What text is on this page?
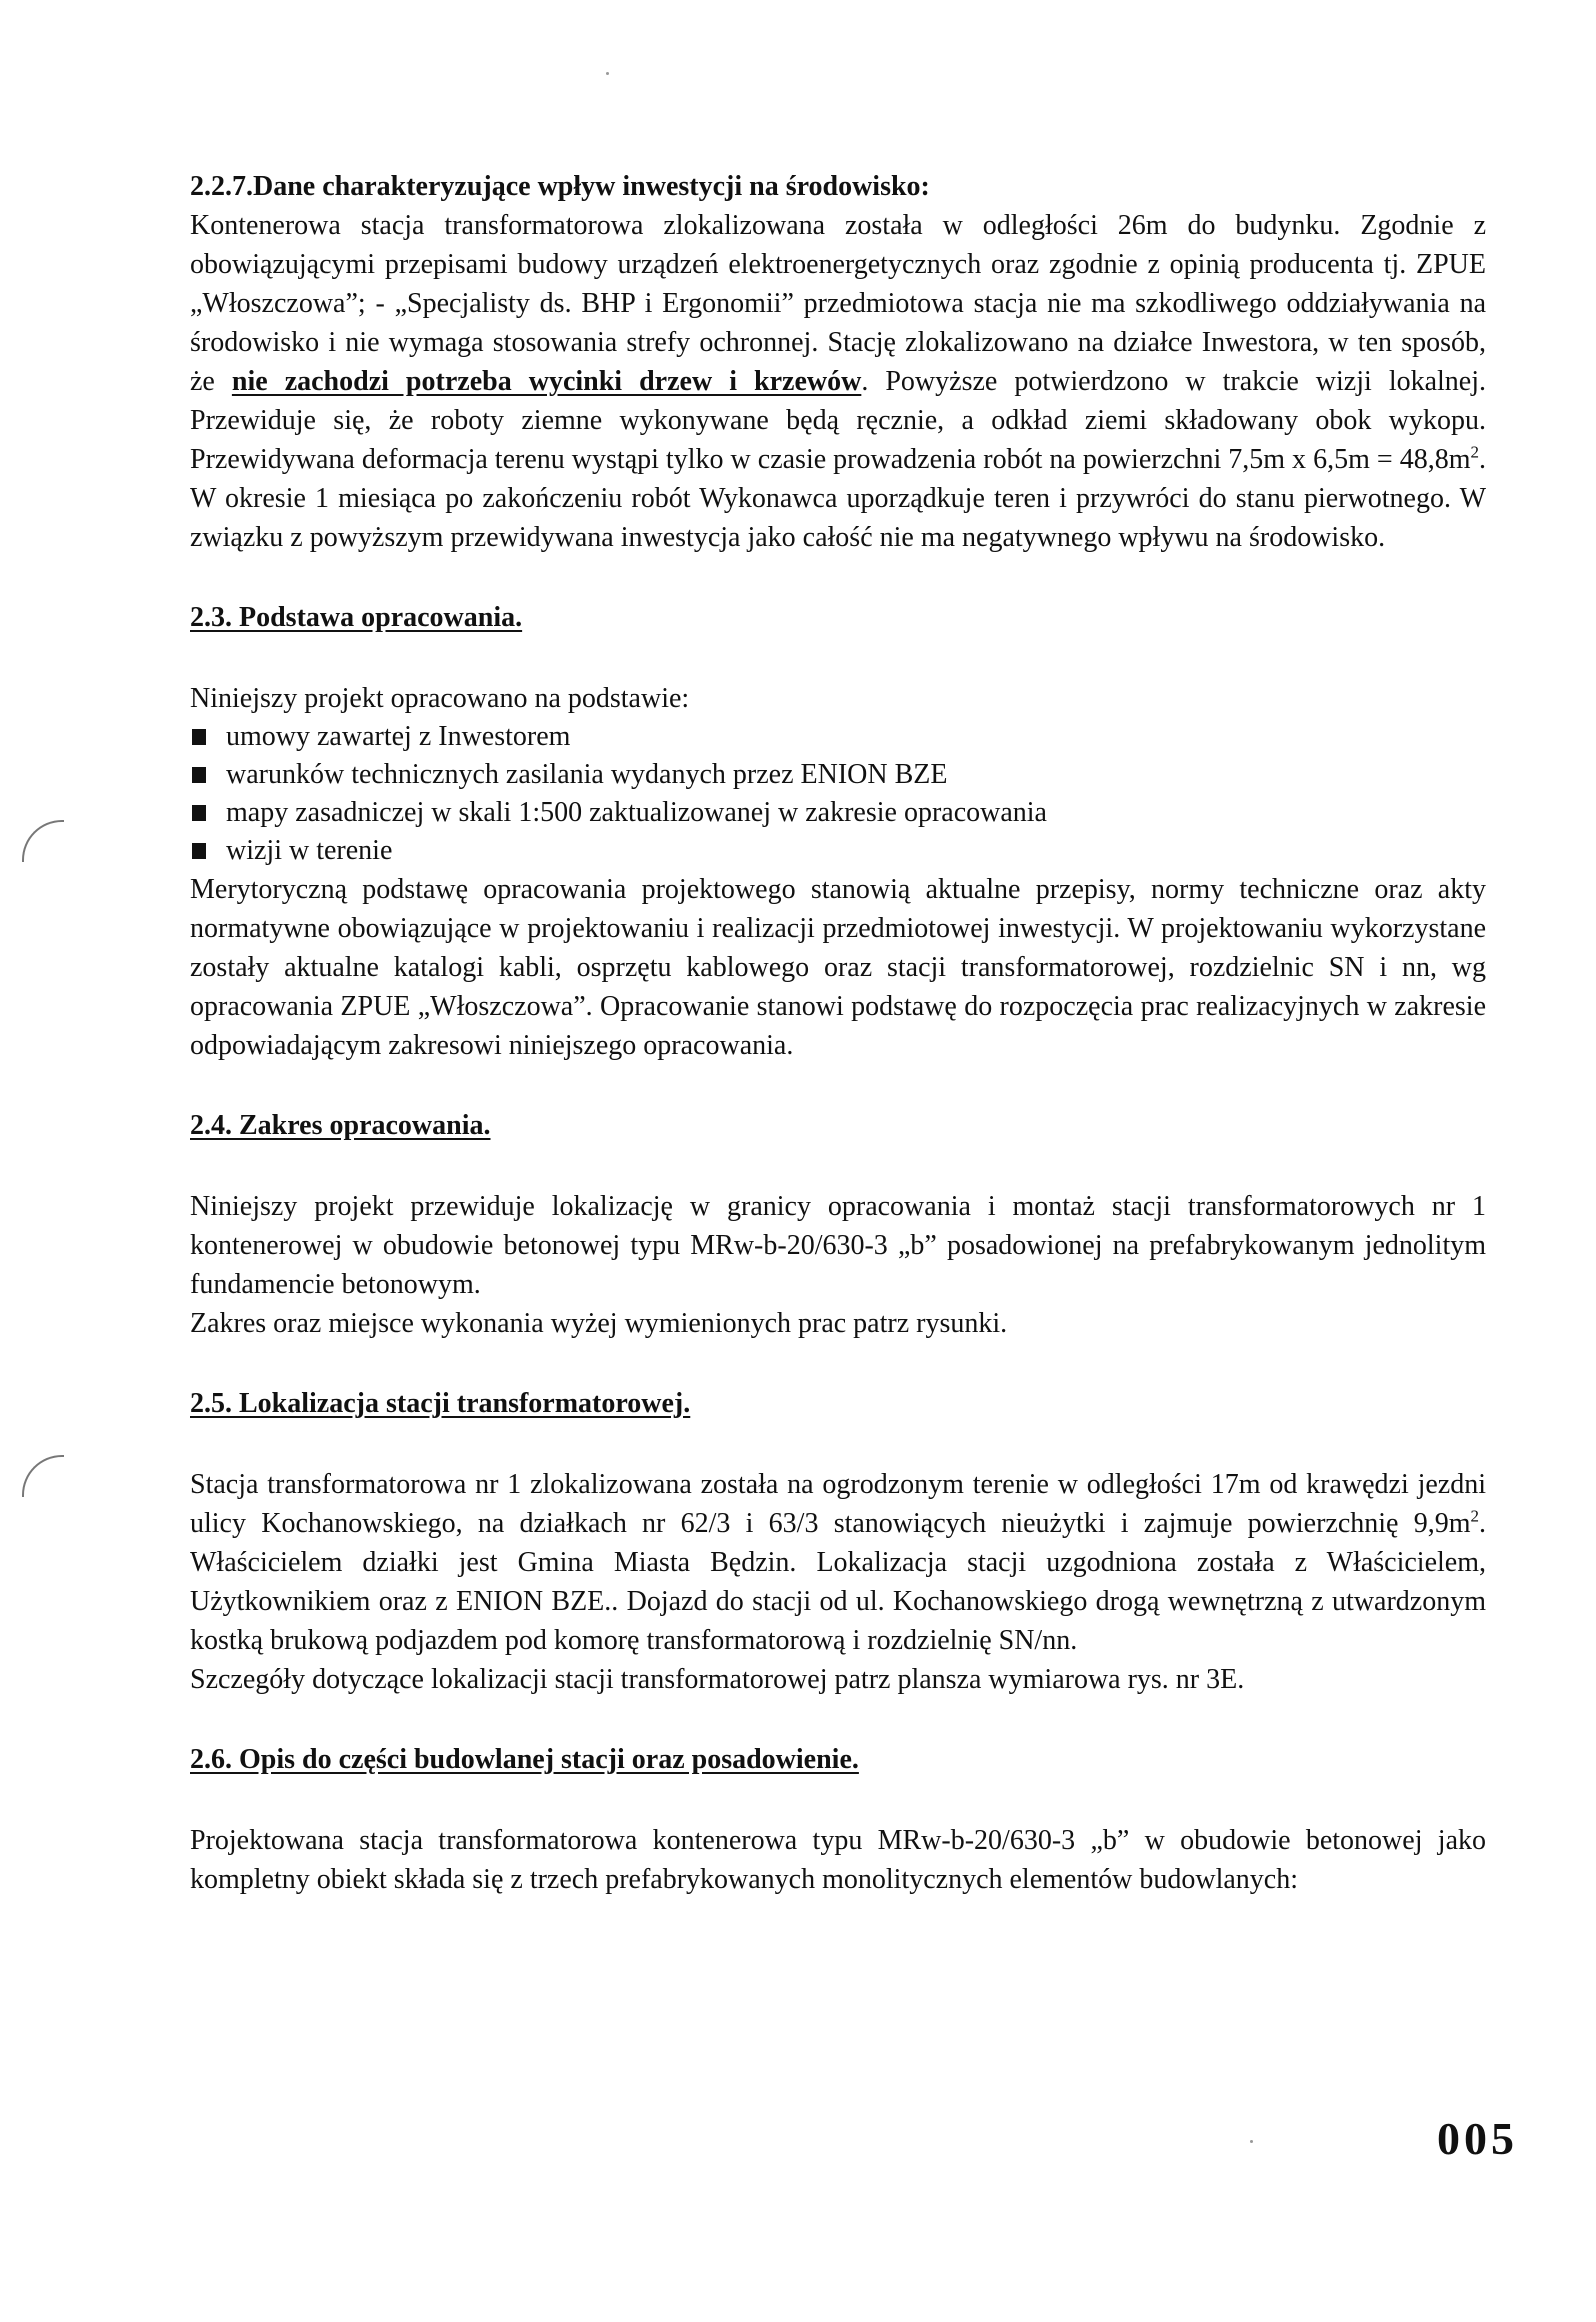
2.2.7.Dane charakteryzujące wpływ inwestycji na środowisko:

Kontenerowa stacja transformatorowa zlokalizowana została w odległości 26m do budynku. Zgodnie z obowiązującymi przepisami budowy urządzeń elektroenergetycznych oraz zgodnie z opinią producenta tj. ZPUE „Włoszczowa”; - „Specjalisty ds. BHP i Ergonomii” przedmiotowa stacja nie ma szkodliwego oddziaływania na środowisko i nie wymaga stosowania strefy ochronnej. Stację zlokalizowano na działce Inwestora, w ten sposób, że nie zachodzi potrzeba wycinki drzew i krzewów. Powyższe potwierdzono w trakcie wizji lokalnej. Przewiduje się, że roboty ziemne wykonywane będą ręcznie, a odkład ziemi składowany obok wykopu. Przewidywana deformacja terenu wystąpi tylko w czasie prowadzenia robót na powierzchni 7,5m x $6,5m = 48,8m^2$. W okresie 1 miesiąca po zakończeniu robót Wykonawca uporządkuje teren i przywróci do stanu pierwotnego. W związku z powyższym przewidywana inwestycja jako całość nie ma negatywnego wpływu na środowisko.

2.3. Podstawa opracowania.

Niniejszy projekt opracowano na podstawie:

umowy zawartej z Inwestorem
warunków technicznych zasilania wydanych przez ENION BZE
mapy zasadniczej w skali 1:500 zaktualizowanej w zakresie opracowania
wizji w terenie

Merytoryczną podstawę opracowania projektowego stanowią aktualne przepisy, normy techniczne oraz akty normatywne obowiązujące w projektowaniu i realizacji przedmiotowej inwestycji. W projektowaniu wykorzystane zostały aktualne katalogi kabli, osprzętu kablowego oraz stacji transformatorowej, rozdzielnic SN i nn, wg opracowania ZPUE „Włoszczowa”. Opracowanie stanowi podstawę do rozpoczęcia prac realizacyjnych w zakresie odpowiadającym zakresowi niniejszego opracowania.

2.4. Zakres opracowania.

Niniejszy projekt przewiduje lokalizację w granicy opracowania i montaż stacji transformatorowych nr 1 kontenerowej w obudowie betonowej typu MRw-b-20/630-3 „b” posadowionej na prefabrykowanym jednolitym fundamencie betonowym.

Zakres oraz miejsce wykonania wyżej wymienionych prac patrz rysunki.

2.5. Lokalizacja stacji transformatorowej.

Stacja transformatorowa nr 1 zlokalizowana została na ogrodzonym terenie w odległości 17m od krawędzi jezdni ulicy Kochanowskiego, na działkach nr 62/3 i 63/3 stanowiących nieużytki i zajmuje powierzchnię $9,9m^2$. Właścicielem działki jest Gmina Miasta Będzin. Lokalizacja stacji uzgodniona została z Właścicielem, Użytkownikiem oraz z ENION BZE.. Dojazd do stacji od ul. Kochanowskiego drogą wewnętrzną z utwardzonym kostką brukową podjazdem pod komorę transformatorową i rozdzielnię SN/nn.

Szczegóły dotyczące lokalizacji stacji transformatorowej patrz plansza wymiarowa rys. nr 3E.

2.6. Opis do części budowlanej stacji oraz posadowienie.

Projektowana stacja transformatorowa kontenerowa typu MRw-b-20/630-3 „b” w obudowie betonowej jako kompletny obiekt składa się z trzech prefabrykowanych monolitycznych elementów budowlanych:

005
